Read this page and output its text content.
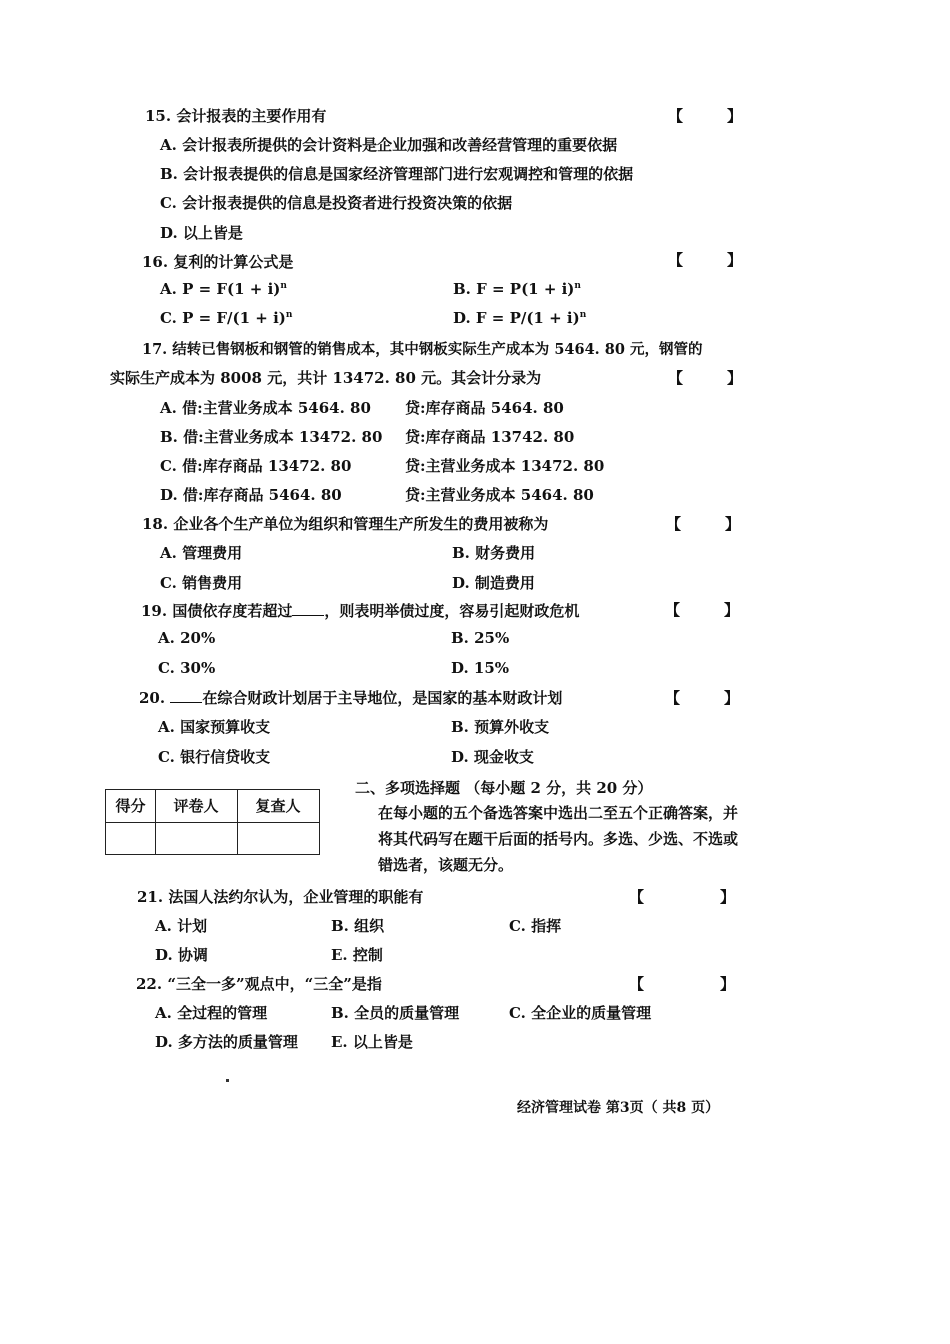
15. 会计报表的主要作用有	【	】
A. 会计报表所提供的会计资料是企业加强和改善经营管理的重要依据
B. 会计报表提供的信息是国家经济管理部门进行宏观调控和管理的依据
C. 会计报表提供的信息是投资者进行投资决策的依据
D. 以上皆是
16. 复利的计算公式是	【	】
A. $P = F(1 + i)^n$	B. $F = P(1 + i)^n$
C. $P = F/(1 + i)^n$	D. $F = P/(1 + i)^n$
17. 结转已售钢板和钢管的销售成本，其中钢板实际生产成本为 5464. 80 元，钢管的
实际生产成本为 8008 元，共计 13472. 80 元。其会计分录为	【	】
A. 借:主营业务成本 5464. 80 贷:库存商品 5464. 80
B. 借:主营业务成本 13472. 80 贷:库存商品 13742. 80
C. 借:库存商品 13472. 80	贷:主营业务成本 13472. 80
D. 借:库存商品 5464. 80	贷:主营业务成本 5464. 80
18. 企业各个生产单位为组织和管理生产所发生的费用被称为	【	】
A. 管理费用	B. 财务费用
C. 销售费用	D. 制造费用
19. 国债依存度若超过 ，则表明举债过度，容易引起财政危机	【	】
A. 20%	B. 25%
C. 30%	D. 15%
20. 在综合财政计划居于主导地位，是国家的基本财政计划	【	】
A. 国家预算收支	B. 预算外收支
C. 银行信贷收支	D. 现金收支
得分	评卷人	复查人
二、多项选择题 （每小题 2 分，共 20 分）
在每小题的五个备选答案中选出二至五个正确答案，并将其代码写在题干后面的括号内。多选、少选、不选或错选者，该题无分。
21. 法国人法约尔认为，企业管理的职能有	【	】
A. 计划	B. 组织	C. 指挥
D. 协调	E. 控制
22. “三全一多”观点中，“三全”是指	【	】
A. 全过程的管理	B. 全员的质量管理	C. 全企业的质量管理
D. 多方法的质量管理 E. 以上皆是
经济管理试卷 第3页（ 共8 页）
